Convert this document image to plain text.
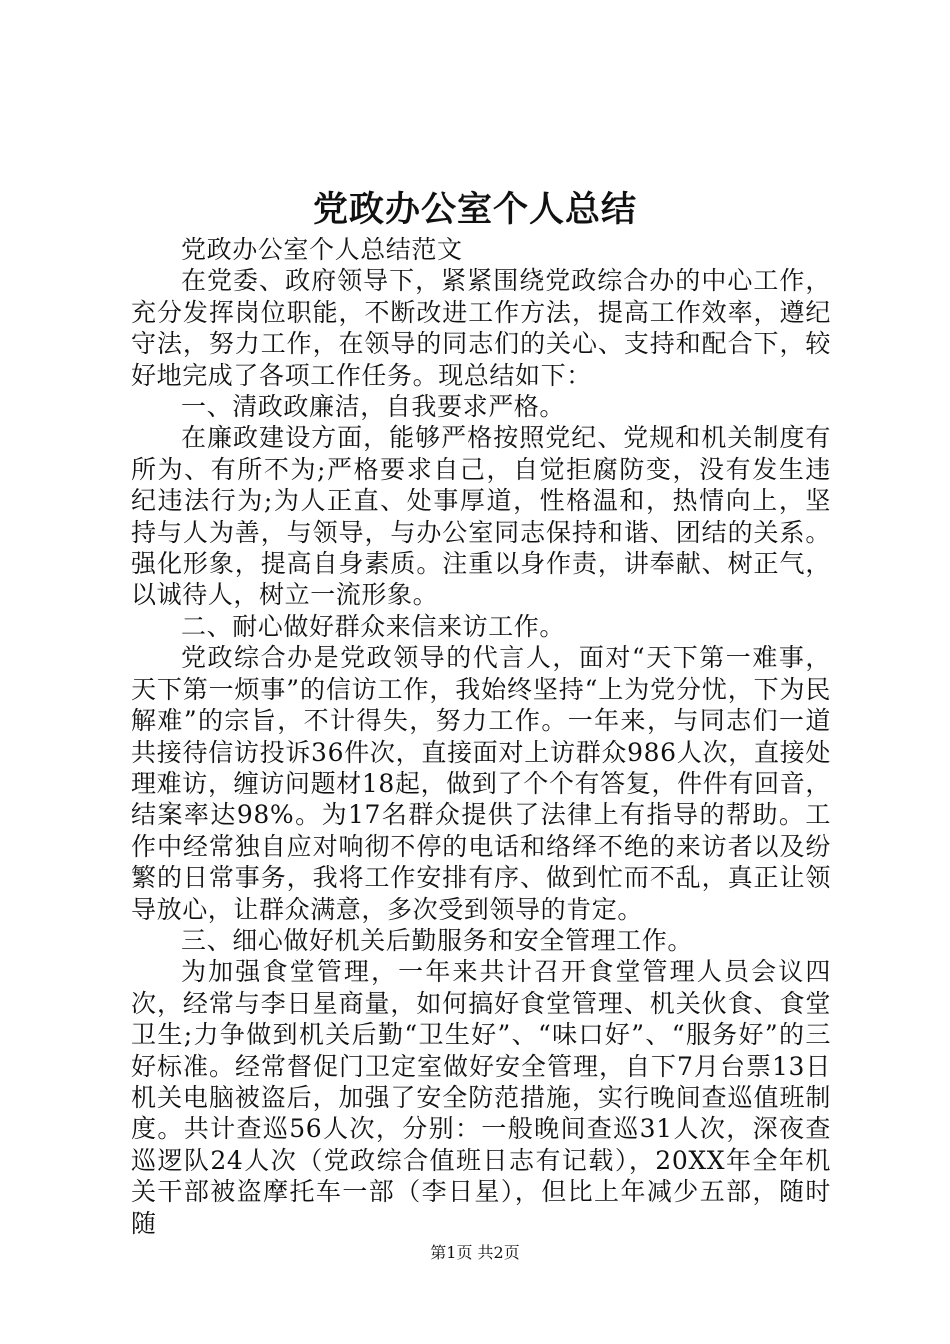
党政办公室个人总结

党政办公室个人总结范文

在党委、政府领导下，紧紧围绕党政综合办的中心工作，充分发挥岗位职能，不断改进工作方法，提高工作效率，遵纪守法，努力工作，在领导的同志们的关心、支持和配合下，较好地完成了各项工作任务。现总结如下：

一、清政政廉洁，自我要求严格。

在廉政建设方面，能够严格按照党纪、党规和机关制度有所为、有所不为;严格要求自己，自觉拒腐防变，没有发生违纪违法行为;为人正直、处事厚道，性格温和，热情向上，坚持与人为善，与领导，与办公室同志保持和谐、团结的关系。强化形象，提高自身素质。注重以身作责，讲奉献、树正气，以诚待人，树立一流形象。

二、耐心做好群众来信来访工作。

党政综合办是党政领导的代言人，面对“天下第一难事，天下第一烦事”的信访工作，我始终坚持“上为党分忧，下为民解难”的宗旨，不计得失，努力工作。一年来，与同志们一道共接待信访投诉36件次，直接面对上访群众986人次，直接处理难访，缠访问题材18起，做到了个个有答复，件件有回音，结案率达98%。为17名群众提供了法律上有指导的帮助。工作中经常独自应对响彻不停的电话和络绎不绝的来访者以及纷繁的日常事务，我将工作安排有序、做到忙而不乱，真正让领导放心，让群众满意，多次受到领导的肯定。

三、细心做好机关后勤服务和安全管理工作。

为加强食堂管理，一年来共计召开食堂管理人员会议四次，经常与李日星商量，如何搞好食堂管理、机关伙食、食堂卫生;力争做到机关后勤“卫生好”、“味口好”、“服务好”的三好标准。经常督促门卫定室做好安全管理，自下7月台票13日机关电脑被盗后，加强了安全防范措施，实行晚间查巡值班制度。共计查巡56人次，分别：一般晚间查巡31人次，深夜查巡逻队24人次（党政综合值班日志有记载），20XX年全年机关干部被盗摩托车一部（李日星），但比上年减少五部，随时随

第1页 共2页
